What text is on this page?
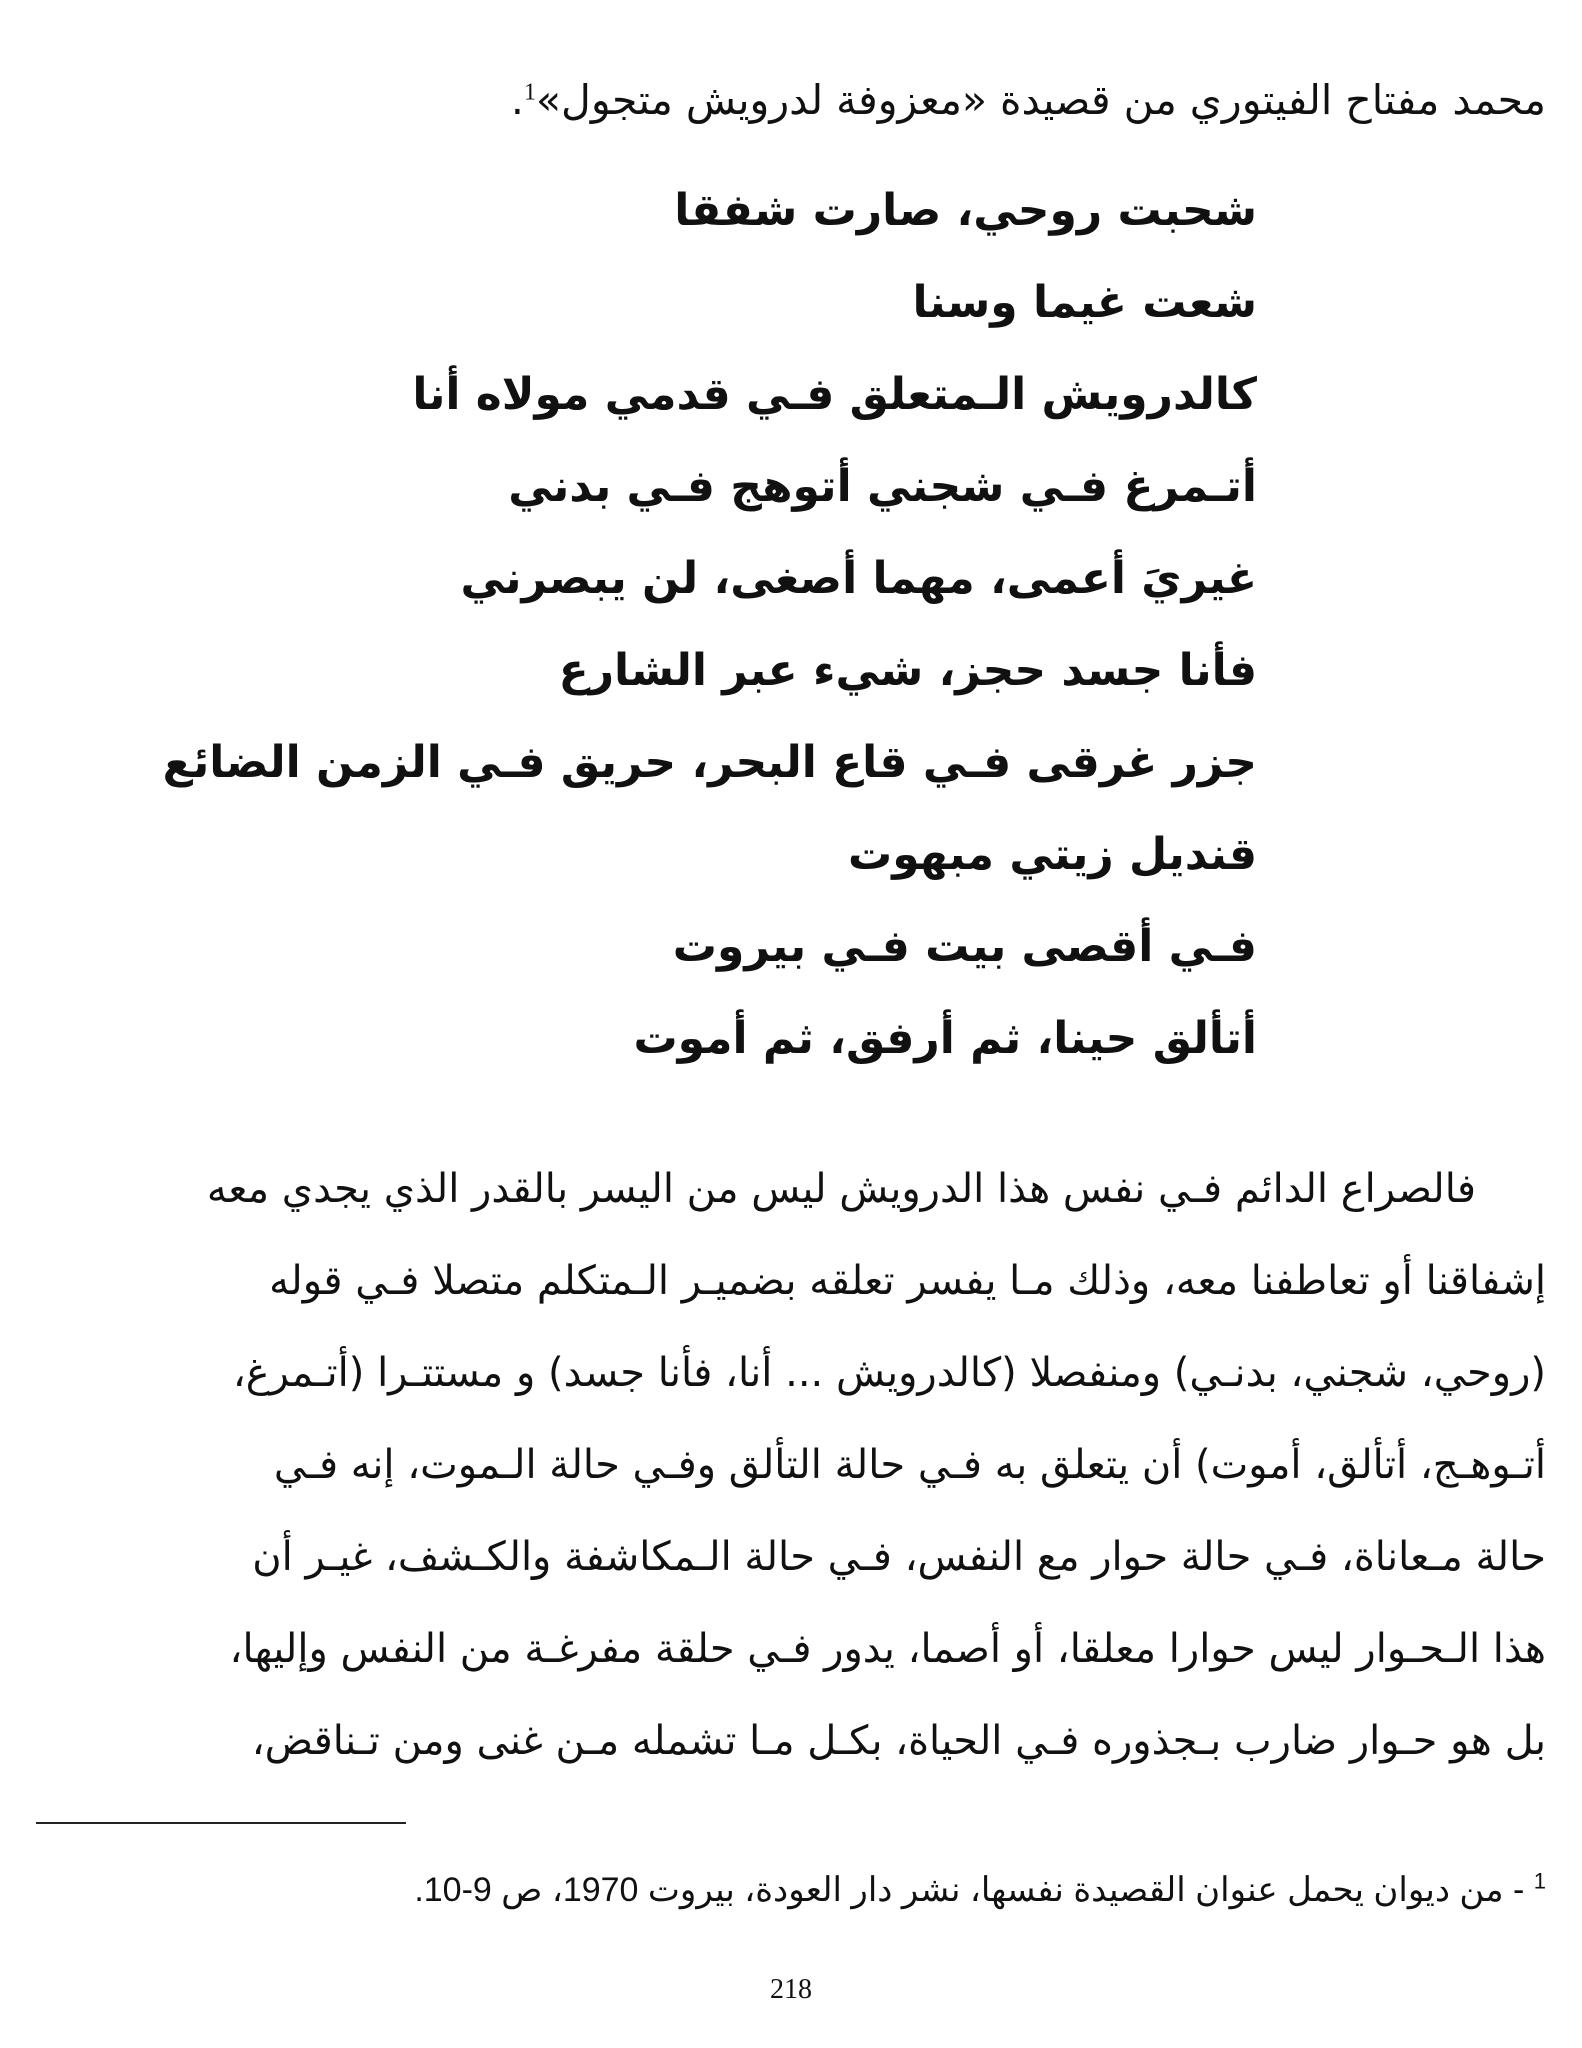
محمد مفتاح الفيتوري من قصيدة «معزوفة لدرويش متجول»$^1$.
شحبت روحي، صارت شفقا
شعت غيما وسنا
كالدرويش الـمتعلق فـي قدمي مولاه أنا
أتـمرغ فـي شجني أتوهج فـي بدني
غيريَ أعمى، مهما أصغى، لن يبصرني
فأنا جسد حجز، شيء عبر الشارع
جزر غرقى فـي قاع البحر، حريق فـي الزمن الضائع
قنديل زيتي مبهوت
فـي أقصى بيت فـي بيروت
أتألق حينا، ثم أرفق، ثم أموت
فالصراع الدائم فـي نفس هذا الدرويش ليس من اليسر بالقدر الذي يجدي معه
إشفاقنا أو تعاطفنا معه، وذلك مـا يفسر تعلقه بضميـر الـمتكلم متصلا فـي قوله
(روحي، شجني، بدنـي) ومنفصلا (كالدرويش ... أنا، فأنا جسد) و مستتـرا (أتـمرغ،
أتـوهـج، أتألق، أموت) أن يتعلق به فـي حالة التألق وفـي حالة الـموت، إنه فـي
حالة مـعاناة، فـي حالة حوار مع النفس، فـي حالة الـمكاشفة والكـشف، غيـر أن
هذا الـحـوار ليس حوارا معلقا، أو أصما، يدور فـي حلقة مفرغـة من النفس وإليها،
بل هو حـوار ضارب بـجذوره فـي الحياة، بكـل مـا تشمله مـن غنى ومن تـناقض،
$^1$ - من ديوان يحمل عنوان القصيدة نفسها، نشر دار العودة، بيروت 1970، ص 9-10.
218
